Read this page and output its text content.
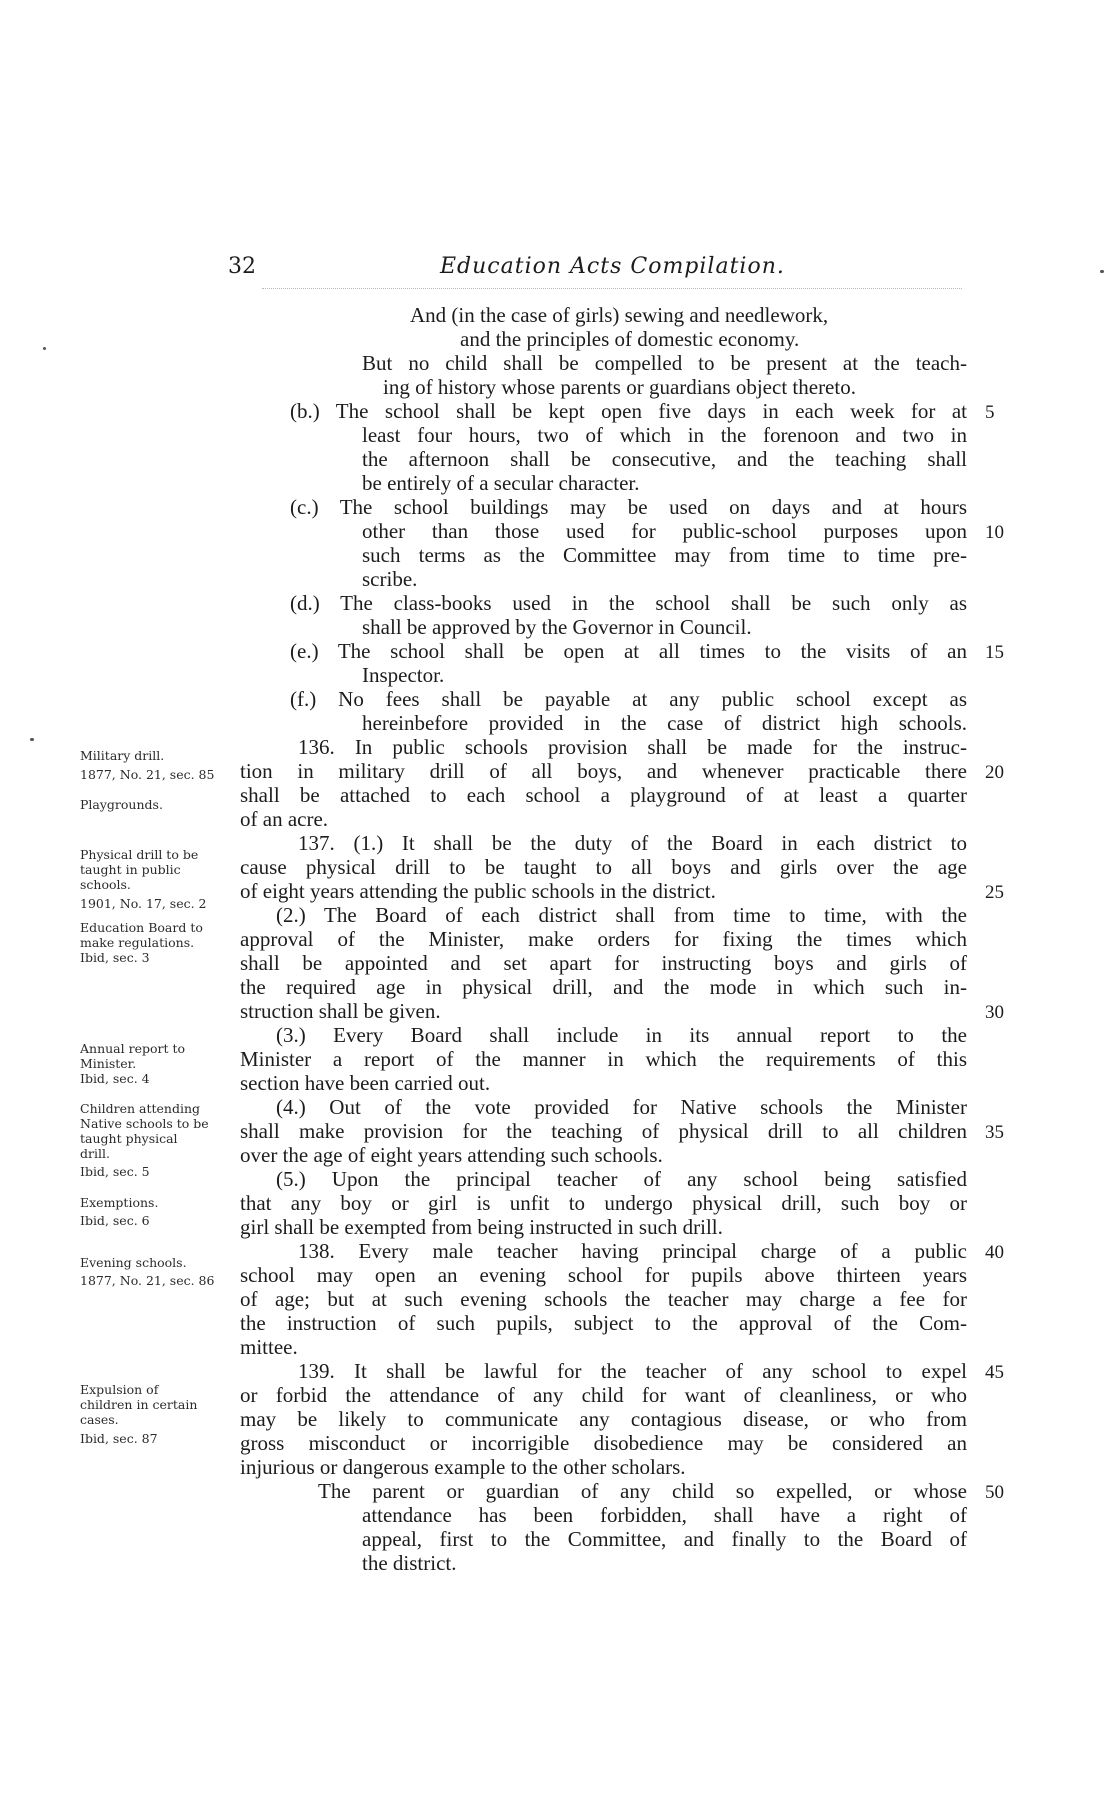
32	Education Acts Compilation.
And (in the case of girls) sewing and needlework,
and the principles of domestic economy.
But no child shall be compelled to be present at the teach-
ing of history whose parents or guardians object thereto.
(b.) The school shall be kept open five days in each week for at
least four hours, two of which in the forenoon and two in
the afternoon shall be consecutive, and the teaching shall
be entirely of a secular character.
(c.) The school buildings may be used on days and at hours
other than those used for public-school purposes upon
such terms as the Committee may from time to time pre-
scribe.
(d.) The class-books used in the school shall be such only as
shall be approved by the Governor in Council.
(e.) The school shall be open at all times to the visits of an
Inspector.
(f.) No fees shall be payable at any public school except as
hereinbefore provided in the case of district high schools.
136. In public schools provision shall be made for the instruc-
tion in military drill of all boys, and whenever practicable there
shall be attached to each school a playground of at least a quarter
of an acre.
137. (1.) It shall be the duty of the Board in each district to
cause physical drill to be taught to all boys and girls over the age
of eight years attending the public schools in the district.
(2.) The Board of each district shall from time to time, with the
approval of the Minister, make orders for fixing the times which
shall be appointed and set apart for instructing boys and girls of
the required age in physical drill, and the mode in which such in-
struction shall be given.
(3.) Every Board shall include in its annual report to the
Minister a report of the manner in which the requirements of this
section have been carried out.
(4.) Out of the vote provided for Native schools the Minister
shall make provision for the teaching of physical drill to all children
over the age of eight years attending such schools.
(5.) Upon the principal teacher of any school being satisfied
that any boy or girl is unfit to undergo physical drill, such boy or
girl shall be exempted from being instructed in such drill.
138. Every male teacher having principal charge of a public
school may open an evening school for pupils above thirteen years
of age; but at such evening schools the teacher may charge a fee for
the instruction of such pupils, subject to the approval of the Com-
mittee.
139. It shall be lawful for the teacher of any school to expel
or forbid the attendance of any child for want of cleanliness, or who
may be likely to communicate any contagious disease, or who from
gross misconduct or incorrigible disobedience may be considered an
injurious or dangerous example to the other scholars.
The parent or guardian of any child so expelled, or whose
attendance has been forbidden, shall have a right of
appeal, first to the Committee, and finally to the Board of
the district.
5
10
15
20
25
30
35
40
45
50
Military drill.
1877, No. 21, sec. 85
Playgrounds.
Physical drill to be
taught in public
schools.
1901, No. 17, sec. 2
Education Board to
make regulations.
Ibid, sec. 3
Annual report to
Minister.
Ibid, sec. 4
Children attending
Native schools to be
taught physical
drill.
Ibid, sec. 5
Exemptions.
Ibid, sec. 6
Evening schools.
1877, No. 21, sec. 86
Expulsion of
children in certain
cases.
Ibid, sec. 87
